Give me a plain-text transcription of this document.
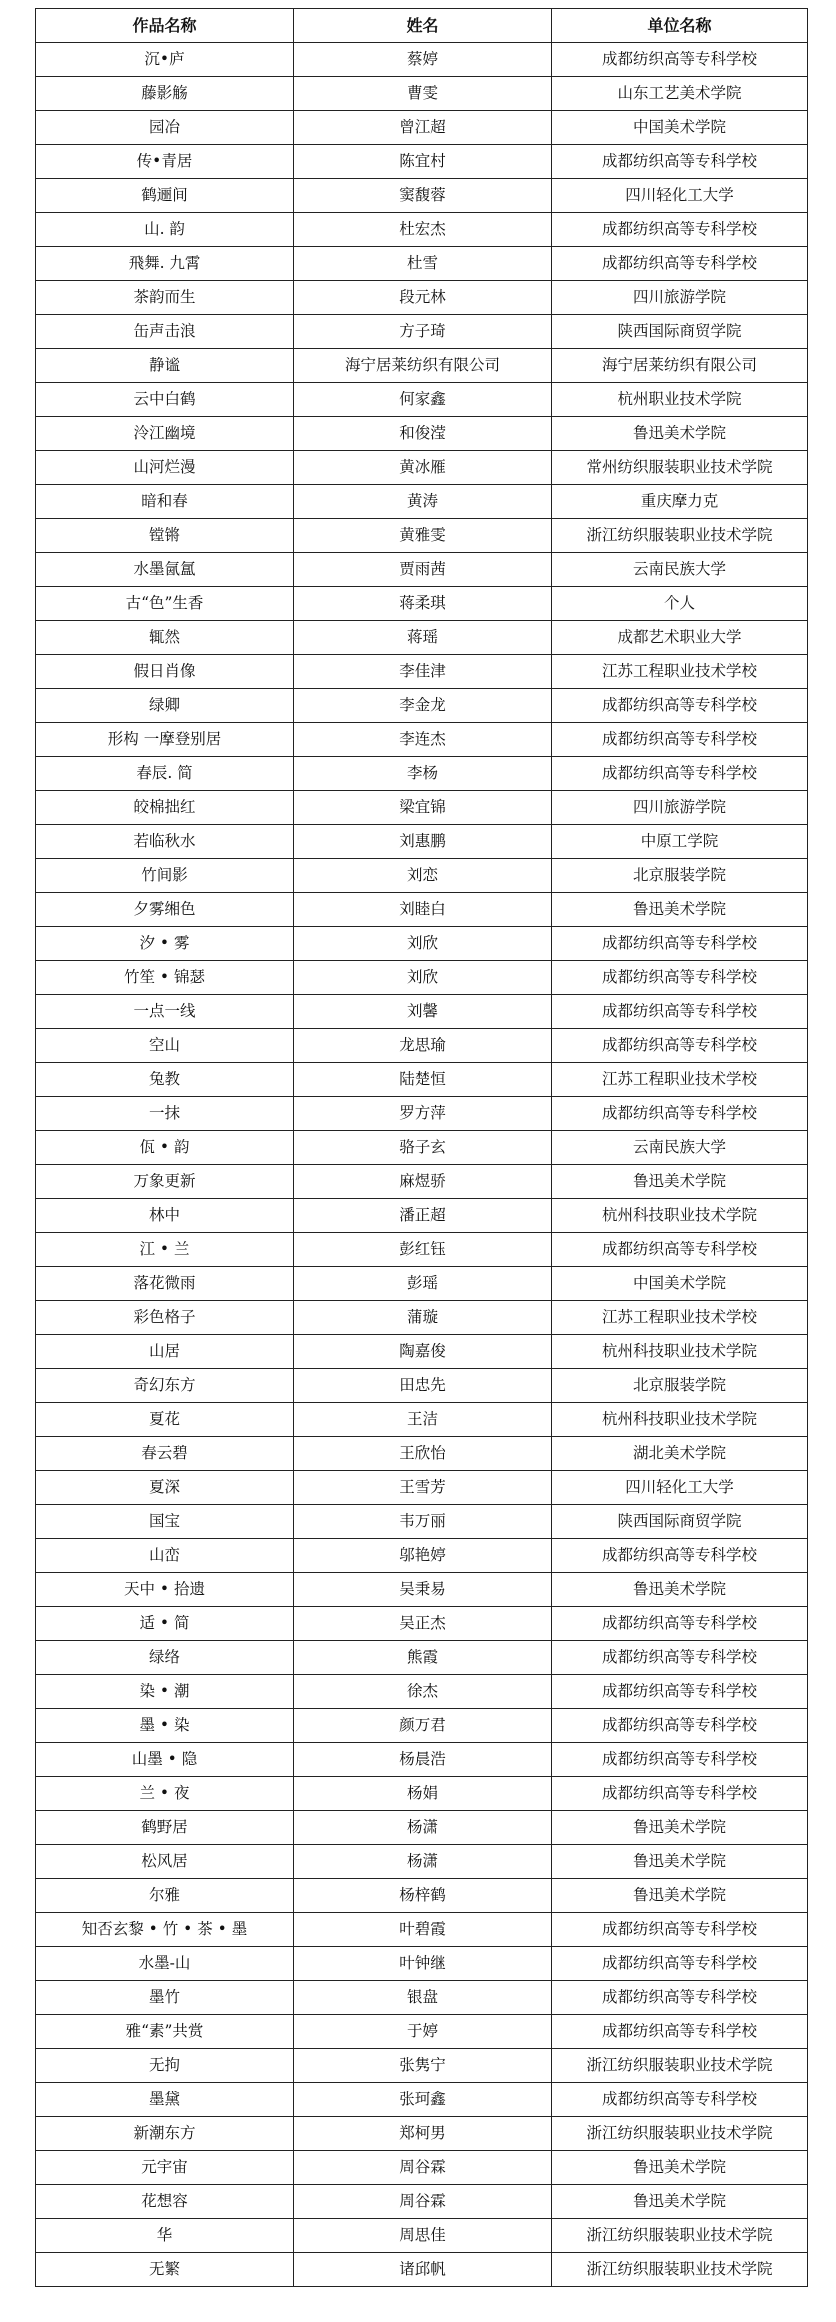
作品名称	姓名	单位名称
沉•庐	蔡婷	成都纺织高等专科学校
藤影觞	曹雯	山东工艺美术学院
园冶	曾江超	中国美术学院
传•青居	陈宜村	成都纺织高等专科学校
鹤逦间	窦馥蓉	四川轻化工大学
山. 韵	杜宏杰	成都纺织高等专科学校
飛舞. 九霄	杜雪	成都纺织高等专科学校
茶韵而生	段元林	四川旅游学院
缶声击浪	方子琦	陕西国际商贸学院
静谧	海宁居莱纺织有限公司	海宁居莱纺织有限公司
云中白鹤	何家鑫	杭州职业技术学院
泠江幽境	和俊滢	鲁迅美术学院
山河烂漫	黄冰雁	常州纺织服装职业技术学院
暗和春	黄涛	重庆摩力克
镗锵	黄雅雯	浙江纺织服装职业技术学院
水墨氤氲	贾雨茜	云南民族大学
古“色”生香	蒋柔琪	个人
辄然	蒋瑶	成都艺术职业大学
假日肖像	李佳津	江苏工程职业技术学校
绿卿	李金龙	成都纺织高等专科学校
形构 一摩登别居	李连杰	成都纺织高等专科学校
春辰. 简	李杨	成都纺织高等专科学校
皎棉拙红	梁宜锦	四川旅游学院
若临秋水	刘惠鹏	中原工学院
竹间影	刘恋	北京服装学院
夕雾缃色	刘睦白	鲁迅美术学院
汐 • 雾	刘欣	成都纺织高等专科学校
竹笙 • 锦瑟	刘欣	成都纺织高等专科学校
一点一线	刘馨	成都纺织高等专科学校
空山	龙思瑜	成都纺织高等专科学校
兔教	陆楚恒	江苏工程职业技术学校
一抹	罗方萍	成都纺织高等专科学校
佤 • 韵	骆子玄	云南民族大学
万象更新	麻煜骄	鲁迅美术学院
林中	潘正超	杭州科技职业技术学院
江 • 兰	彭红钰	成都纺织高等专科学校
落花微雨	彭瑶	中国美术学院
彩色格子	蒲璇	江苏工程职业技术学校
山居	陶嘉俊	杭州科技职业技术学院
奇幻东方	田忠先	北京服装学院
夏花	王洁	杭州科技职业技术学院
春云碧	王欣怡	湖北美术学院
夏深	王雪芳	四川轻化工大学
国宝	韦万丽	陕西国际商贸学院
山峦	邬艳婷	成都纺织高等专科学校
天中 • 拾遗	吴秉易	鲁迅美术学院
适 • 简	吴正杰	成都纺织高等专科学校
绿络	熊霞	成都纺织高等专科学校
染 • 潮	徐杰	成都纺织高等专科学校
墨 • 染	颜万君	成都纺织高等专科学校
山墨 • 隐	杨晨浩	成都纺织高等专科学校
兰 • 夜	杨娟	成都纺织高等专科学校
鹤野居	杨潇	鲁迅美术学院
松风居	杨潇	鲁迅美术学院
尔雅	杨梓鹤	鲁迅美术学院
知否玄黎 • 竹 • 茶 • 墨	叶碧霞	成都纺织高等专科学校
水墨-山	叶钟继	成都纺织高等专科学校
墨竹	银盘	成都纺织高等专科学校
雅“素”共赏	于婷	成都纺织高等专科学校
无拘	张隽宁	浙江纺织服装职业技术学院
墨黛	张珂鑫	成都纺织高等专科学校
新潮东方	郑柯男	浙江纺织服装职业技术学院
元宇宙	周谷霖	鲁迅美术学院
花想容	周谷霖	鲁迅美术学院
华	周思佳	浙江纺织服装职业技术学院
无繁	诸邱帆	浙江纺织服装职业技术学院
